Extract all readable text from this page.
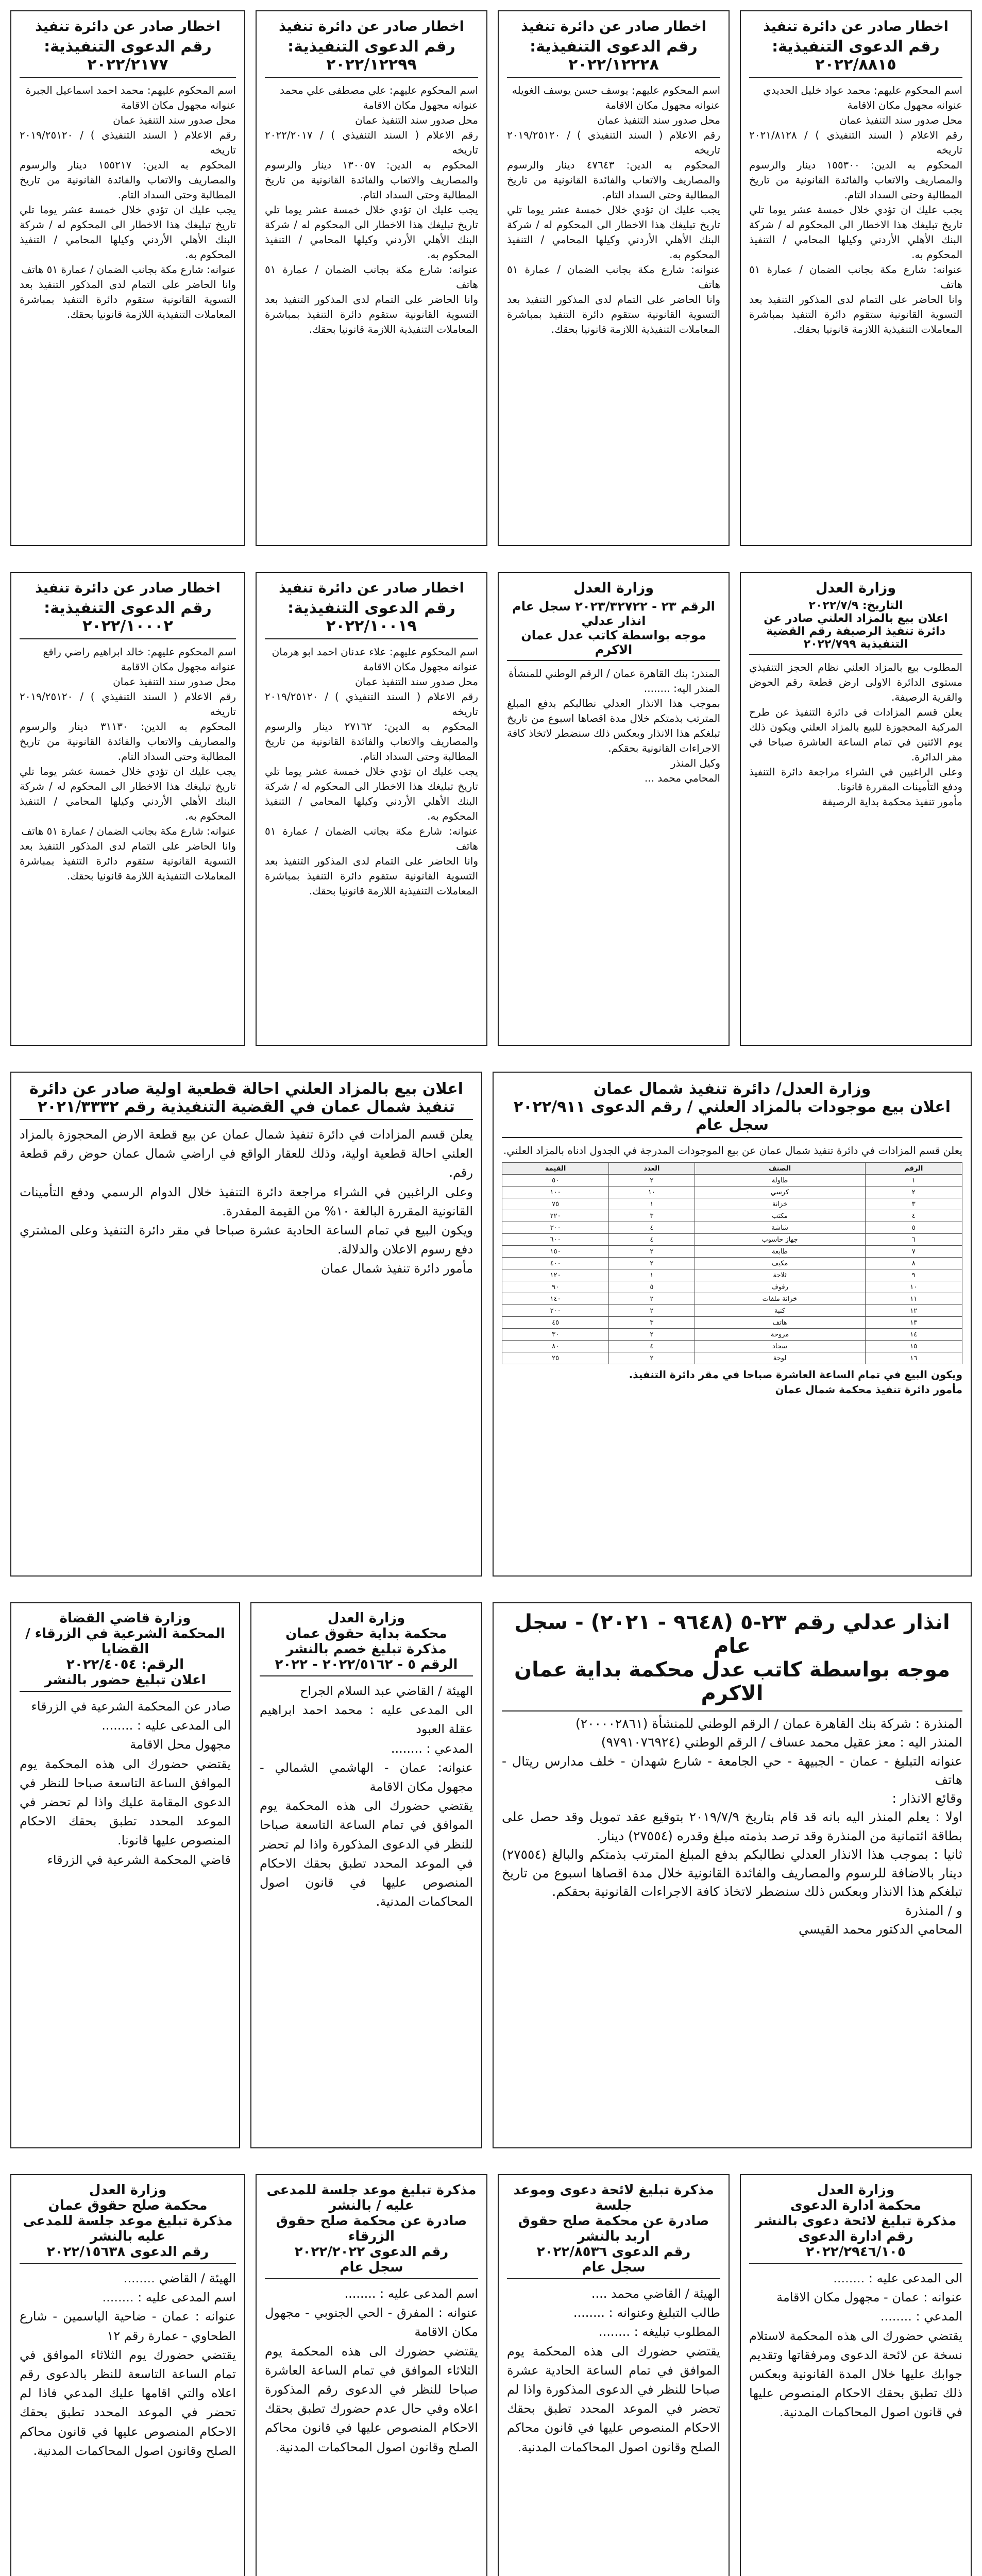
اخطار صادر عن دائرة تنفيذ
رقم الدعوى التنفيذية: ٢٠٢٢/٨٨١٥

اسم المحكوم عليهم: محمد عواد خليل الحديدي
عنوانه مجهول مكان الاقامة
محل صدور سند التنفيذ عمان
رقم الاعلام ( السند التنفيذي ) / ٢٠٢١/٨١٢٨ تاريخه
المحكوم به الدين: ١٥٥٣٠٠ دينار والرسوم والمصاريف والاتعاب والفائدة القانونية من تاريخ المطالبة وحتى السداد التام.
يجب عليك ان تؤدي خلال خمسة عشر يوما تلي تاريخ تبليغك هذا الاخطار الى المحكوم له / شركة البنك الأهلي الأردني وكيلها المحامي / التنفيذ المحكوم به.
عنوانه: شارع مكة بجانب الضمان / عمارة ٥١ هاتف
وانا الحاضر على التمام لدى المذكور التنفيذ بعد التسوية القانونية ستقوم دائرة التنفيذ بمباشرة المعاملات التنفيذية اللازمة قانونيا بحقك.

اخطار صادر عن دائرة تنفيذ
رقم الدعوى التنفيذية: ٢٠٢٢/١٢٢٢٨

اسم المحكوم عليهم: يوسف حسن يوسف الغويله
عنوانه مجهول مكان الاقامة
محل صدور سند التنفيذ عمان
رقم الاعلام ( السند التنفيذي ) / ٢٠١٩/٢٥١٢٠ تاريخه
المحكوم به الدين: ٤٧٦٤٣ دينار والرسوم والمصاريف والاتعاب والفائدة القانونية من تاريخ المطالبة وحتى السداد التام.
يجب عليك ان تؤدي خلال خمسة عشر يوما تلي تاريخ تبليغك هذا الاخطار الى المحكوم له / شركة البنك الأهلي الأردني وكيلها المحامي / التنفيذ المحكوم به.
عنوانه: شارع مكة بجانب الضمان / عمارة ٥١ هاتف
وانا الحاضر على التمام لدى المذكور التنفيذ بعد التسوية القانونية ستقوم دائرة التنفيذ بمباشرة المعاملات التنفيذية اللازمة قانونيا بحقك.

اخطار صادر عن دائرة تنفيذ
رقم الدعوى التنفيذية: ٢٠٢٢/١٢٢٩٩

اسم المحكوم عليهم: علي مصطفى علي محمد
عنوانه مجهول مكان الاقامة
محل صدور سند التنفيذ عمان
رقم الاعلام ( السند التنفيذي ) / ٢٠٢٢/٢٠١٧ تاريخه
المحكوم به الدين: ١٣٠٠٥٧ دينار والرسوم والمصاريف والاتعاب والفائدة القانونية من تاريخ المطالبة وحتى السداد التام.
يجب عليك ان تؤدي خلال خمسة عشر يوما تلي تاريخ تبليغك هذا الاخطار الى المحكوم له / شركة البنك الأهلي الأردني وكيلها المحامي / التنفيذ المحكوم به.
عنوانه: شارع مكة بجانب الضمان / عمارة ٥١ هاتف
وانا الحاضر على التمام لدى المذكور التنفيذ بعد التسوية القانونية ستقوم دائرة التنفيذ بمباشرة المعاملات التنفيذية اللازمة قانونيا بحقك.

اخطار صادر عن دائرة تنفيذ
رقم الدعوى التنفيذية: ٢٠٢٢/٢١٧٧

اسم المحكوم عليهم: محمد احمد اسماعيل الجبرة
عنوانه مجهول مكان الاقامة
محل صدور سند التنفيذ عمان
رقم الاعلام ( السند التنفيذي ) / ٢٠١٩/٢٥١٢٠ تاريخه
المحكوم به الدين: ١٥٥٢١٧ دينار والرسوم والمصاريف والاتعاب والفائدة القانونية من تاريخ المطالبة وحتى السداد التام.
يجب عليك ان تؤدي خلال خمسة عشر يوما تلي تاريخ تبليغك هذا الاخطار الى المحكوم له / شركة البنك الأهلي الأردني وكيلها المحامي / التنفيذ المحكوم به.
عنوانه: شارع مكة بجانب الضمان / عمارة ٥١ هاتف
وانا الحاضر على التمام لدى المذكور التنفيذ بعد التسوية القانونية ستقوم دائرة التنفيذ بمباشرة المعاملات التنفيذية اللازمة قانونيا بحقك.

وزارة العدل
التاريخ: ٢٠٢٢/٧/٩
اعلان بيع بالمزاد العلني صادر عن دائرة تنفيذ الرصيفة رقم القضية التنفيذية ٢٠٢٢/٧٩٩

المطلوب بيع بالمزاد العلني نظام الحجز التنفيذي مستوى الدائرة الاولى ارض قطعة رقم الحوض والقرية الرصيفة.
يعلن قسم المزادات في دائرة التنفيذ عن طرح المركبة المحجوزة للبيع بالمزاد العلني ويكون ذلك يوم الاثنين في تمام الساعة العاشرة صباحا في مقر الدائرة.
وعلى الراغبين في الشراء مراجعة دائرة التنفيذ ودفع التأمينات المقررة قانونا.
مأمور تنفيذ محكمة بداية الرصيفة

وزارة العدل
الرقم ٢٣ - ٢٠٢٣/٣٢٧٢٢ سجل عام
انذار عدلي
موجه بواسطة كاتب عدل عمان الاكرم

المنذر: بنك القاهرة عمان / الرقم الوطني للمنشأة
المنذر اليه: ........
بموجب هذا الانذار العدلي نطالبكم بدفع المبلغ المترتب بذمتكم خلال مدة اقصاها اسبوع من تاريخ تبلغكم هذا الانذار وبعكس ذلك سنضطر لاتخاذ كافة الاجراءات القانونية بحقكم.
وكيل المنذر
المحامي محمد ...

اخطار صادر عن دائرة تنفيذ
رقم الدعوى التنفيذية: ٢٠٢٢/١٠٠١٩

اسم المحكوم عليهم: علاء عدنان احمد ابو هرمان
عنوانه مجهول مكان الاقامة
محل صدور سند التنفيذ عمان
رقم الاعلام ( السند التنفيذي ) / ٢٠١٩/٢٥١٢٠ تاريخه
المحكوم به الدين: ٢٧١٦٢ دينار والرسوم والمصاريف والاتعاب والفائدة القانونية من تاريخ المطالبة وحتى السداد التام.
يجب عليك ان تؤدي خلال خمسة عشر يوما تلي تاريخ تبليغك هذا الاخطار الى المحكوم له / شركة البنك الأهلي الأردني وكيلها المحامي / التنفيذ المحكوم به.
عنوانه: شارع مكة بجانب الضمان / عمارة ٥١ هاتف
وانا الحاضر على التمام لدى المذكور التنفيذ بعد التسوية القانونية ستقوم دائرة التنفيذ بمباشرة المعاملات التنفيذية اللازمة قانونيا بحقك.

اخطار صادر عن دائرة تنفيذ
رقم الدعوى التنفيذية: ٢٠٢٢/١٠٠٠٢

اسم المحكوم عليهم: خالد ابراهيم راضي رافع
عنوانه مجهول مكان الاقامة
محل صدور سند التنفيذ عمان
رقم الاعلام ( السند التنفيذي ) / ٢٠١٩/٢٥١٢٠ تاريخه
المحكوم به الدين: ٣١١٣٠ دينار والرسوم والمصاريف والاتعاب والفائدة القانونية من تاريخ المطالبة وحتى السداد التام.
يجب عليك ان تؤدي خلال خمسة عشر يوما تلي تاريخ تبليغك هذا الاخطار الى المحكوم له / شركة البنك الأهلي الأردني وكيلها المحامي / التنفيذ المحكوم به.
عنوانه: شارع مكة بجانب الضمان / عمارة ٥١ هاتف
وانا الحاضر على التمام لدى المذكور التنفيذ بعد التسوية القانونية ستقوم دائرة التنفيذ بمباشرة المعاملات التنفيذية اللازمة قانونيا بحقك.

وزارة العدل/ دائرة تنفيذ شمال عمان
اعلان بيع موجودات بالمزاد العلني / رقم الدعوى ٢٠٢٢/٩١١ سجل عام

يعلن قسم المزادات في دائرة تنفيذ شمال عمان عن بيع الموجودات المدرجة في الجدول ادناه بالمزاد العلني.

الرقم	الصنف	العدد	القيمة
١	طاولة	٢	٥٠
٢	كرسي	١٠	١٠٠
٣	خزانة	١	٧٥
٤	مكتب	٣	٢٢٠
٥	شاشة	٤	٣٠٠
٦	جهاز حاسوب	٤	٦٠٠
٧	طابعة	٢	١٥٠
٨	مكيف	٢	٤٠٠
٩	ثلاجة	١	١٢٠
١٠	رفوف	٥	٩٠
١١	خزانة ملفات	٢	١٤٠
١٢	كنبة	٢	٢٠٠
١٣	هاتف	٣	٤٥
١٤	مروحة	٢	٣٠
١٥	سجاد	٤	٨٠
١٦	لوحة	٢	٢٥

ويكون البيع في تمام الساعة العاشرة صباحا في مقر دائرة التنفيذ.
مأمور دائرة تنفيذ محكمة شمال عمان

اعلان بيع بالمزاد العلني احالة قطعية اولية صادر عن دائرة تنفيذ شمال عمان في القضية التنفيذية رقم ٢٠٢١/٣٣٣٢

يعلن قسم المزادات في دائرة تنفيذ شمال عمان عن بيع قطعة الارض المحجوزة بالمزاد العلني احالة قطعية اولية، وذلك للعقار الواقع في اراضي شمال عمان حوض رقم قطعة رقم.
وعلى الراغبين في الشراء مراجعة دائرة التنفيذ خلال الدوام الرسمي ودفع التأمينات القانونية المقررة البالغة ١٠% من القيمة المقدرة.
ويكون البيع في تمام الساعة الحادية عشرة صباحا في مقر دائرة التنفيذ وعلى المشتري دفع رسوم الاعلان والدلالة.
مأمور دائرة تنفيذ شمال عمان

انذار عدلي رقم ٢٣-٥ (٩٦٤٨ - ٢٠٢١) - سجل عام
موجه بواسطة كاتب عدل محكمة بداية عمان الاكرم

المنذرة : شركة بنك القاهرة عمان / الرقم الوطني للمنشأة (٢٠٠٠٠٢٨٦١)
المنذر اليه : معز عقيل محمد عساف / الرقم الوطني (٩٧٩١٠٧٦٩٢٤)
عنوانه التبليغ - عمان - الجبيهة - حي الجامعة - شارع شهدان - خلف مدارس ريتال - هاتف
وقائع الانذار :
اولا : يعلم المنذر اليه بانه قد قام بتاريخ ٢٠١٩/٧/٩ بتوقيع عقد تمويل وقد حصل على بطاقة ائتمانية من المنذرة وقد ترصد بذمته مبلغ وقدره (٢٧٥٥٤) دينار.
ثانيا : بموجب هذا الانذار العدلي نطالبكم بدفع المبلغ المترتب بذمتكم والبالغ (٢٧٥٥٤) دينار بالاضافة للرسوم والمصاريف والفائدة القانونية خلال مدة اقصاها اسبوع من تاريخ تبلغكم هذا الانذار وبعكس ذلك سنضطر لاتخاذ كافة الاجراءات القانونية بحقكم.
و / المنذرة
المحامي الدكتور محمد القيسي

وزارة العدل
محكمة بداية حقوق عمان
مذكرة تبليغ خصم بالنشر
الرقم ٥ - ٢٠٢٢/٥١٦٢ - ٢٠٢٢

الهيئة / القاضي عبد السلام الجراح
الى المدعى عليه : محمد احمد ابراهيم عقلة العبود
المدعي : ........
عنوانه: عمان - الهاشمي الشمالي - مجهول مكان الاقامة
يقتضي حضورك الى هذه المحكمة يوم الموافق في تمام الساعة التاسعة صباحا للنظر في الدعوى المذكورة واذا لم تحضر في الموعد المحدد تطبق بحقك الاحكام المنصوص عليها في قانون اصول المحاكمات المدنية.

وزارة قاضي القضاة
المحكمة الشرعية في الزرقاء / القضايا
الرقم: ٢٠٢٢/٤٠٥٤
اعلان تبليغ حضور بالنشر

صادر عن المحكمة الشرعية في الزرقاء
الى المدعى عليه : ........
مجهول محل الاقامة
يقتضي حضورك الى هذه المحكمة يوم الموافق الساعة التاسعة صباحا للنظر في الدعوى المقامة عليك واذا لم تحضر في الموعد المحدد تطبق بحقك الاحكام المنصوص عليها قانونا.
قاضي المحكمة الشرعية في الزرقاء

وزارة العدل
محكمة ادارة الدعوى
مذكرة تبليغ لائحة دعوى بالنشر
رقم ادارة الدعوى ٢٠٢٢/٢٩٤٦/١٠٥

الى المدعى عليه : ........
عنوانه : عمان - مجهول مكان الاقامة
المدعي : ........
يقتضي حضورك الى هذه المحكمة لاستلام نسخة عن لائحة الدعوى ومرفقاتها وتقديم جوابك عليها خلال المدة القانونية وبعكس ذلك تطبق بحقك الاحكام المنصوص عليها في قانون اصول المحاكمات المدنية.

مذكرة تبليغ لائحة دعوى وموعد جلسة
صادرة عن محكمة صلح حقوق اربد بالنشر
رقم الدعوى ٢٠٢٢/٨٥٣٦
سجل عام

الهيئة / القاضي محمد ....
طالب التبليغ وعنوانه : ........
المطلوب تبليغه : ........
يقتضي حضورك الى هذه المحكمة يوم الموافق في تمام الساعة الحادية عشرة صباحا للنظر في الدعوى المذكورة واذا لم تحضر في الموعد المحدد تطبق بحقك الاحكام المنصوص عليها في قانون محاكم الصلح وقانون اصول المحاكمات المدنية.

مذكرة تبليغ موعد جلسة للمدعى عليه / بالنشر
صادرة عن محكمة صلح حقوق الزرقاء
رقم الدعوى ٢٠٢٢/٢٠٢٢
سجل عام

اسم المدعى عليه : ........
عنوانه : المفرق - الحي الجنوبي - مجهول مكان الاقامة
يقتضي حضورك الى هذه المحكمة يوم الثلاثاء الموافق في تمام الساعة العاشرة صباحا للنظر في الدعوى رقم المذكورة اعلاه وفي حال عدم حضورك تطبق بحقك الاحكام المنصوص عليها في قانون محاكم الصلح وقانون اصول المحاكمات المدنية.

وزارة العدل
محكمة صلح حقوق عمان
مذكرة تبليغ موعد جلسة للمدعى عليه بالنشر
رقم الدعوى ٢٠٢٢/١٥٦٣٨

الهيئة / القاضي ........
اسم المدعى عليه : ........
عنوانه : عمان - ضاحية الياسمين - شارع الطحاوي - عمارة رقم ١٢
يقتضي حضورك يوم الثلاثاء الموافق في تمام الساعة التاسعة للنظر بالدعوى رقم اعلاه والتي اقامها عليك المدعي فاذا لم تحضر في الموعد المحدد تطبق بحقك الاحكام المنصوص عليها في قانون محاكم الصلح وقانون اصول المحاكمات المدنية.
